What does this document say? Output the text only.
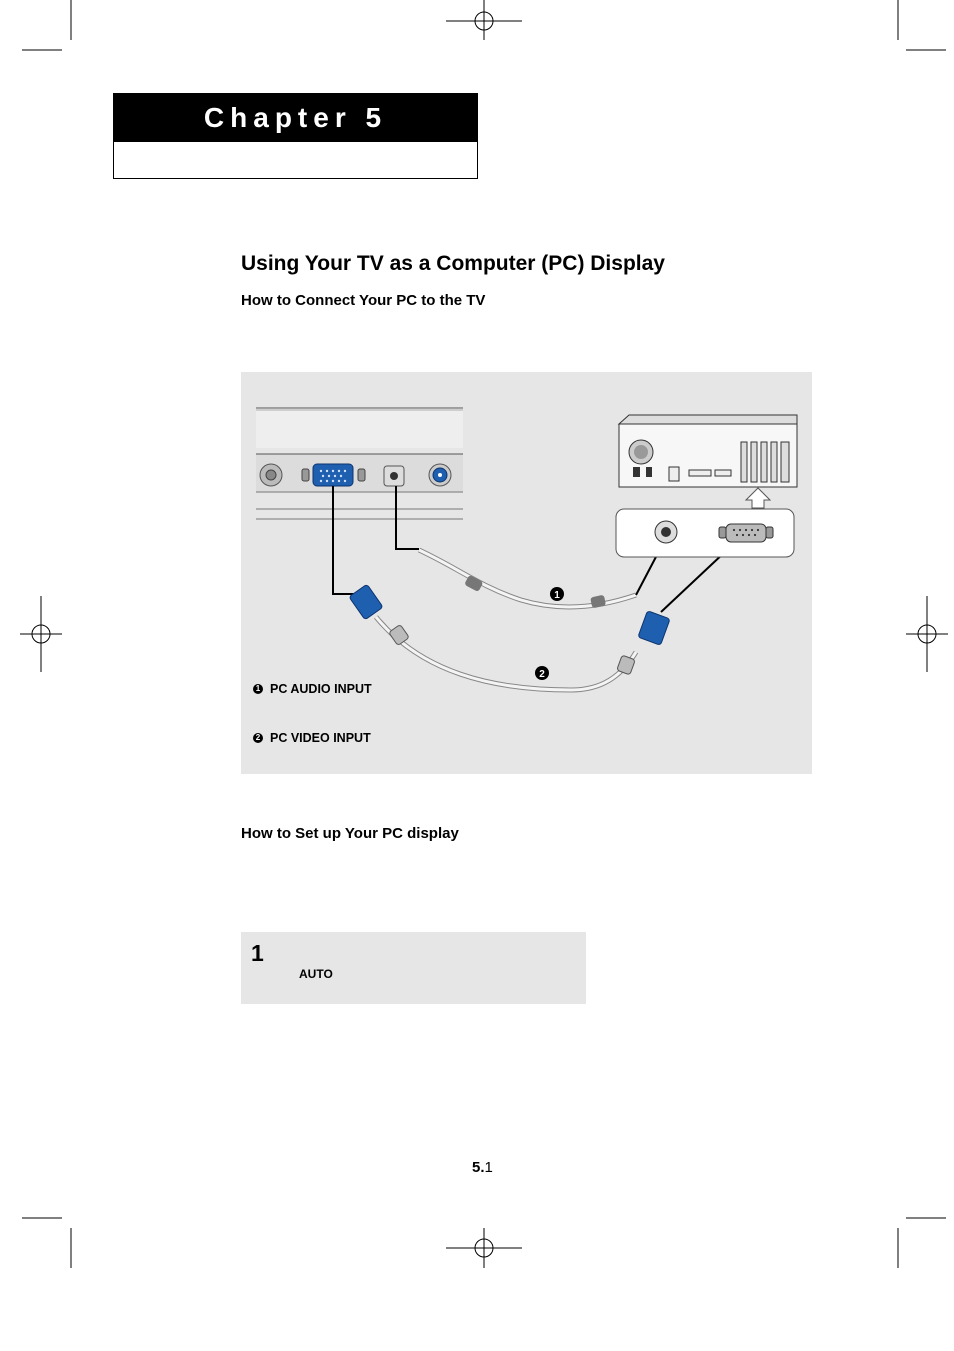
Chapter 5
Using Your TV as a Computer (PC) Display
How to Connect Your PC to the TV
1
2
1 PC AUDIO INPUT
2 PC VIDEO INPUT
How to Set up Your PC display
1
AUTO
5.1
